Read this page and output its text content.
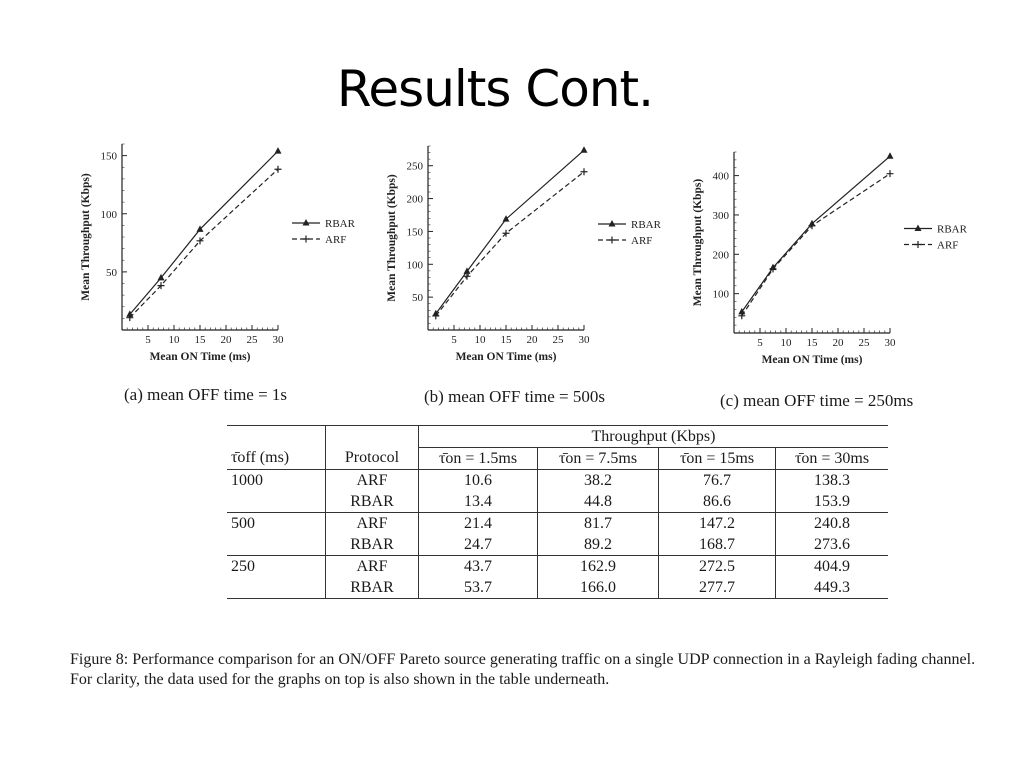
Results Cont.
5 10 15 20 25 30
50
100
150
Mean ON Time (ms)
Mean Throughput (Kbps)	RBAR
ARF
5 10 15 20 25 30
50
100
150
200
250
Mean ON Time (ms)
Mean Throughput (Kbps)	RBAR
ARF
5 10 15 20 25 30
100
200
300
400
Mean ON Time (ms)
Mean Throughput (Kbps)	RBAR
ARF
(a) mean OFF time = 1s	(b) mean OFF time = 500s	(c) mean OFF time = 250ms
		Throughput (Kbps)			
τ̄off (ms)	Protocol	τ̄on = 1.5ms	τ̄on = 7.5ms	τ̄on = 15ms	τ̄on = 30ms
1000	ARF	10.6	38.2	76.7	138.3
	RBAR	13.4	44.8	86.6	153.9
500	ARF	21.4	81.7	147.2	240.8
	RBAR	24.7	89.2	168.7	273.6
250	ARF	43.7	162.9	272.5	404.9
	RBAR	53.7	166.0	277.7	449.3
Figure 8: Performance comparison for an ON/OFF Pareto source generating traffic on a single UDP connection in a Rayleigh fading channel. For clarity, the data used for the graphs on top is also shown in the table underneath.
